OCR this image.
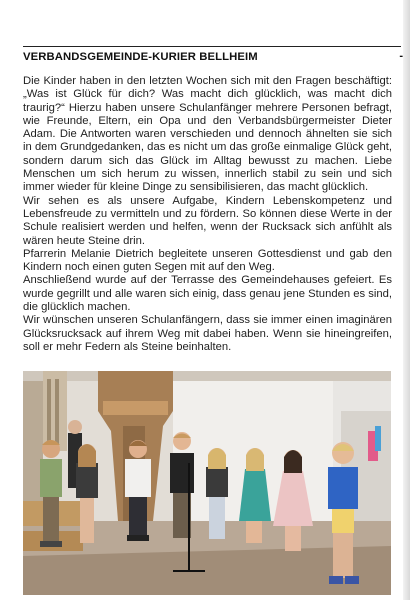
VERBANDSGEMEINDE-KURIER BELLHEIM	-

Die Kinder haben in den letzten Wochen sich mit den Fragen beschäftigt: „Was ist Glück für dich? Was macht dich glücklich, was macht dich traurig?“ Hierzu haben unsere Schulanfänger mehrere Personen befragt, wie Freunde, Eltern, ein Opa und den Verbandsbürgermeister Dieter Adam. Die Antworten waren verschieden und dennoch ähnelten sie sich in dem Grundgedanken, das es nicht um das große einmalige Glück geht, sondern darum sich das Glück im Alltag bewusst zu machen. Liebe Menschen um sich herum zu wissen, innerlich stabil zu sein und sich immer wieder für kleine Dinge zu sensibilisieren, das macht glücklich.

Wir sehen es als unsere Aufgabe, Kindern Lebenskompetenz und Lebensfreude zu vermitteln und zu fördern. So können diese Werte in der Schule realisiert werden und helfen, wenn der Rucksack sich anfühlt als wären heute Steine drin.

Pfarrerin Melanie Dietrich begleitete unseren Gottesdienst und gab den Kindern noch einen guten Segen mit auf den Weg.

Anschließend wurde auf der Terrasse des Gemeindehauses gefeiert. Es wurde gegrillt und alle waren sich einig, dass genau jene Stunden es sind, die glücklich machen.

Wir wünschen unseren Schulanfängern, dass sie immer einen imaginären Glücksrucksack auf ihrem Weg mit dabei haben. Wenn sie hineingreifen, soll er mehr Federn als Steine beinhalten.
